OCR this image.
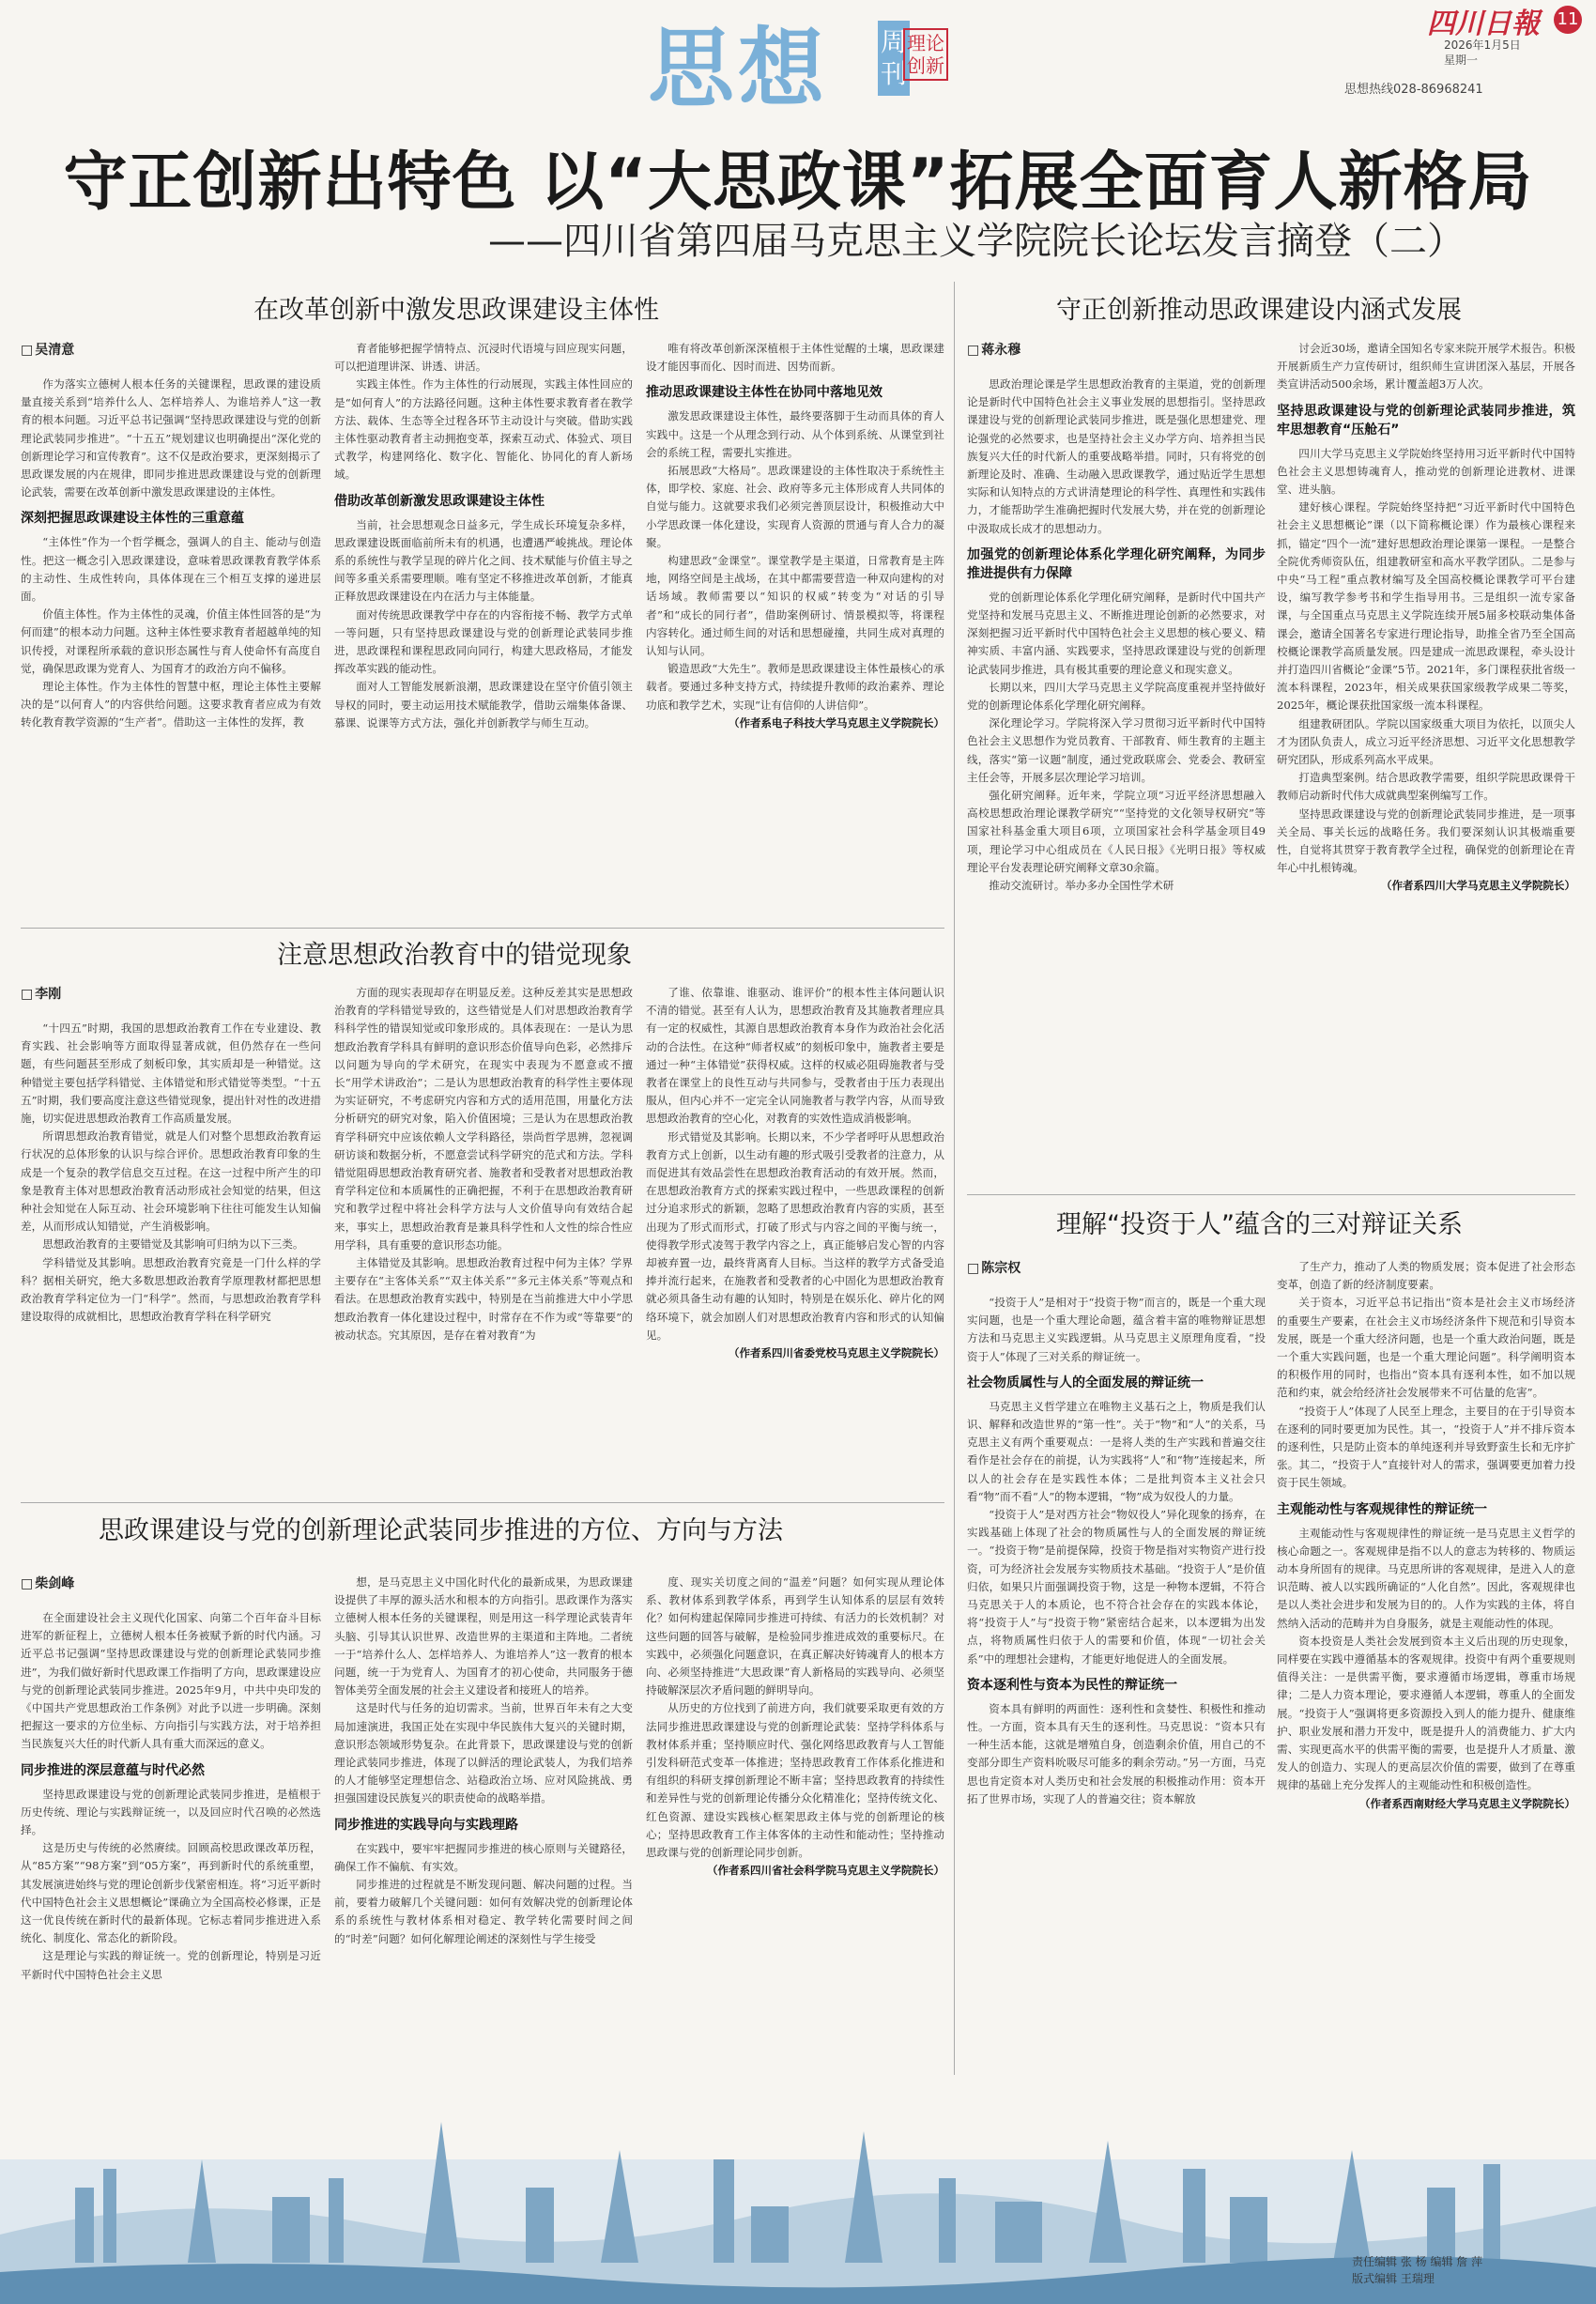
思想 周刊
理论创新
四川日報 11
2026年1月5日
星期一
思想热线028-86968241
守正创新出特色 以“大思政课”拓展全面育人新格局
——四川省第四届马克思主义学院院长论坛发言摘登（二）
在改革创新中激发思政课建设主体性
□ 吴清意

作为落实立德树人根本任务的关键课程，思政课的建设质量直接关系到“培养什么人、怎样培养人、为谁培养人”这一教育的根本问题。习近平总书记强调“坚持思政课建设与党的创新理论武装同步推进”。“十五五”规划建议也明确提出“深化党的创新理论学习和宣传教育”。这不仅是政治要求，更深刻揭示了思政课发展的内在规律，即同步推进思政课建设与党的创新理论武装，需要在改革创新中激发思政课建设的主体性。

深刻把握思政课建设主体性的三重意蕴

“主体性”作为一个哲学概念，强调人的自主、能动与创造性。把这一概念引入思政课建设，意味着思政课教育教学体系的主动性、生成性转向，具体体现在三个相互支撑的递进层面。

价值主体性。作为主体性的灵魂，价值主体性回答的是“为何而建”的根本动力问题。这种主体性要求教育者超越单纯的知识传授，对课程所承载的意识形态属性与育人使命怀有高度自觉，确保思政课为党育人、为国育才的政治方向不偏移。

理论主体性。作为主体性的智慧中枢，理论主体性主要解决的是“以何育人”的内容供给问题。这要求教育者应成为有效转化教育教学资源的“生产者”。借助这一主体性的发挥，教

育者能够把握学情特点、沉浸时代语境与回应现实问题，可以把道理讲深、讲透、讲活。

实践主体性。作为主体性的行动展现，实践主体性回应的是“如何育人”的方法路径问题。这种主体性要求教育者在教学方法、载体、生态等全过程各环节主动设计与突破。借助实践主体性驱动教育者主动拥抱变革，探索互动式、体验式、项目式教学，构建网络化、数字化、智能化、协同化的育人新场域。

借助改革创新激发思政课建设主体性

当前，社会思想观念日益多元，学生成长环境复杂多样，思政课建设既面临前所未有的机遇，也遭遇严峻挑战。理论体系的系统性与教学呈现的碎片化之间、技术赋能与价值主导之间等多重关系需要理顺。唯有坚定不移推进改革创新，才能真正释放思政课建设在内在活力与主体能量。

面对传统思政课教学中存在的内容衔接不畅、教学方式单一等问题，只有坚持思政课建设与党的创新理论武装同步推进，思政课程和课程思政同向同行，构建大思政格局，才能发挥改革实践的能动性。

面对人工智能发展新浪潮，思政课建设在坚守价值引领主导权的同时，要主动运用技术赋能教学，借助云端集体备课、慕课、说课等方式方法，强化并创新教学与师生互动。

唯有将改革创新深深植根于主体性觉醒的土壤，思政课建设才能因事而化、因时而进、因势而新。

推动思政课建设主体性在协同中落地见效

激发思政课建设主体性，最终要落脚于生动而具体的育人实践中。这是一个从理念到行动、从个体到系统、从课堂到社会的系统工程，需要扎实推进。

拓展思政“大格局”。思政课建设的主体性取决于系统性主体，即学校、家庭、社会、政府等多元主体形成育人共同体的自觉与能力。这就要求我们必须完善顶层设计，积极推动大中小学思政课一体化建设，实现育人资源的贯通与育人合力的凝聚。

构建思政“金课堂”。课堂教学是主渠道，日常教育是主阵地，网络空间是主战场，在其中都需要营造一种双向建构的对话场域。教师需要以“知识的权威”转变为“对话的引导者”和“成长的同行者”，借助案例研讨、情景模拟等，将课程内容转化。通过师生间的对话和思想碰撞，共同生成对真理的认知与认同。

锻造思政“大先生”。教师是思政课建设主体性最核心的承载者。要通过多种支持方式，持续提升教师的政治素养、理论功底和教学艺术，实现“让有信仰的人讲信仰”。

（作者系电子科技大学马克思主义学院院长）

注意思想政治教育中的错觉现象
□ 李刚

“十四五”时期，我国的思想政治教育工作在专业建设、教育实践、社会影响等方面取得显著成就，但仍然存在一些问题，有些问题甚至形成了刻板印象，其实质却是一种错觉。这种错觉主要包括学科错觉、主体错觉和形式错觉等类型。“十五五”时期，我们要高度注意这些错觉现象，提出针对性的改进措施，切实促进思想政治教育工作高质量发展。

所谓思想政治教育错觉，就是人们对整个思想政治教育运行状况的总体形象的认识与综合评价。思想政治教育印象的生成是一个复杂的教学信息交互过程。在这一过程中所产生的印象是教育主体对思想政治教育活动形成社会知觉的结果，但这种社会知觉在人际互动、社会环境影响下往往可能发生认知偏差，从而形成认知错觉，产生消极影响。

思想政治教育的主要错觉及其影响可归纳为以下三类。

学科错觉及其影响。思想政治教育究竟是一门什么样的学科？据相关研究，绝大多数思想政治教育学原理教材都把思想政治教育学科定位为一门“科学”。然而，与思想政治教育学科建设取得的成就相比，思想政治教育学科在科学研究

方面的现实表现却存在明显反差。这种反差其实是思想政治教育的学科错觉导致的，这些错觉是人们对思想政治教育学科科学性的错误知觉或印象形成的。具体表现在：一是认为思想政治教育学科具有鲜明的意识形态价值导向色彩，必然排斥以问题为导向的学术研究，在现实中表现为不愿意或不擅长“用学术讲政治”；二是认为思想政治教育的科学性主要体现为实证研究，不考虑研究内容和方式的适用范围，用量化方法分析研究的研究对象，陷入价值困境；三是认为在思想政治教育学科研究中应该依赖人文学科路径，崇尚哲学思辨，忽视调研访谈和数据分析，不愿意尝试科学研究的范式和方法。学科错觉阻碍思想政治教育研究者、施教者和受教者对思想政治教育学科定位和本质属性的正确把握，不利于在思想政治教育研究和教学过程中将社会科学方法与人文价值导向有效结合起来，事实上，思想政治教育是兼具科学性和人文性的综合性应用学科，具有重要的意识形态功能。

主体错觉及其影响。思想政治教育过程中何为主体？学界主要存在“主客体关系”“双主体关系”“多元主体关系”等观点和看法。在思想政治教育实践中，特别是在当前推进大中小学思想政治教育一体化建设过程中，时常存在不作为或“等靠要”的被动状态。究其原因，是存在着对教育“为

了谁、依靠谁、谁驱动、谁评价”的根本性主体问题认识不清的错觉。甚至有人认为，思想政治教育及其施教者理应具有一定的权威性，其源自思想政治教育本身作为政治社会化活动的合法性。在这种“师者权威”的刻板印象中，施教者主要是通过一种“主体错觉”获得权威。这样的权威必阻碍施教者与受教者在课堂上的良性互动与共同参与，受教者由于压力表现出服从，但内心并不一定完全认同施教者与教学内容，从而导致思想政治教育的空心化，对教育的实效性造成消极影响。

形式错觉及其影响。长期以来，不少学者呼吁从思想政治教育方式上创新，以生动有趣的形式吸引受教者的注意力，从而促进其有效品尝性在思想政治教育活动的有效开展。然而，在思想政治教育方式的探索实践过程中，一些思政课程的创新过分追求形式的新颖，忽略了思想政治教育内容的实质，甚至出现为了形式而形式，打破了形式与内容之间的平衡与统一，使得教学形式凌驾于教学内容之上，真正能够启发心智的内容却被弃置一边，最终背离育人目标。当这样的教学方式备受追捧并流行起来，在施教者和受教者的心中固化为思想政治教育就必须具备生动有趣的认知时，特别是在娱乐化、碎片化的网络环境下，就会加剧人们对思想政治教育内容和形式的认知偏见。

（作者系四川省委党校马克思主义学院院长）

思政课建设与党的创新理论武装同步推进的方位、方向与方法
□ 柴剑峰

在全面建设社会主义现代化国家、向第二个百年奋斗目标进军的新征程上，立德树人根本任务被赋予新的时代内涵。习近平总书记强调“坚持思政课建设与党的创新理论武装同步推进”，为我们做好新时代思政课工作指明了方向，思政课建设应与党的创新理论武装同步推进。2025年9月，中共中央印发的《中国共产党思想政治工作条例》对此予以进一步明确。深刻把握这一要求的方位坐标、方向指引与实践方法，对于培养担当民族复兴大任的时代新人具有重大而深远的意义。

同步推进的深层意蕴与时代必然

坚持思政课建设与党的创新理论武装同步推进，是植根于历史传统、理论与实践辩证统一，以及回应时代召唤的必然选择。

这是历史与传统的必然赓续。回顾高校思政课改革历程，从“85方案”“98方案”到“05方案”，再到新时代的系统重塑，其发展演进始终与党的理论创新步伐紧密相连。将“习近平新时代中国特色社会主义思想概论”课确立为全国高校必修课，正是这一优良传统在新时代的最新体现。它标志着同步推进进入系统化、制度化、常态化的新阶段。

这是理论与实践的辩证统一。党的创新理论，特别是习近平新时代中国特色社会主义思

想，是马克思主义中国化时代化的最新成果，为思政课建设提供了丰厚的源头活水和根本的方向指引。思政课作为落实立德树人根本任务的关键课程，则是用这一科学理论武装青年头脑、引导其认识世界、改造世界的主渠道和主阵地。二者统一于“培养什么人、怎样培养人、为谁培养人”这一教育的根本问题，统一于为党育人、为国育才的初心使命，共同服务于德智体美劳全面发展的社会主义建设者和接班人的培养。

这是时代与任务的迫切需求。当前，世界百年未有之大变局加速演进，我国正处在实现中华民族伟大复兴的关键时期，意识形态领域形势复杂。在此背景下，思政课建设与党的创新理论武装同步推进，体现了以鲜活的理论武装人，为我们培养的人才能够坚定理想信念、站稳政治立场、应对风险挑战、勇担强国建设民族复兴的职责使命的战略举措。

同步推进的实践导向与实践理路

在实践中，要牢牢把握同步推进的核心原则与关键路径，确保工作不偏航、有实效。

同步推进的过程就是不断发现问题、解决问题的过程。当前，要着力破解几个关键问题：如何有效解决党的创新理论体系的系统性与教材体系相对稳定、教学转化需要时间之间的“时差”问题？如何化解理论阐述的深刻性与学生接受

度、现实关切度之间的“温差”问题？如何实现从理论体系、教材体系到教学体系，再到学生认知体系的层层有效转化？如何构建起保障同步推进可持续、有活力的长效机制？对这些问题的回答与破解，是检验同步推进成效的重要标尺。在实践中，必须强化问题意识，在真正解决好铸魂育人的根本方向、必须坚持推进“大思政课”育人新格局的实践导向、必须坚持破解深层次矛盾问题的鲜明导向。

从历史的方位找到了前进方向，我们就要采取更有效的方法同步推进思政课建设与党的创新理论武装：坚持学科体系与教材体系并重；坚持顺应时代、强化网络思政教育与人工智能引发科研范式变革一体推进；坚持思政教育工作体系化推进和有组织的科研支撑创新理论不断丰富；坚持思政教育的持续性和差异性与党的创新理论传播分众化精准化；坚持传统文化、红色资源、建设实践核心框架思政主体与党的创新理论的核心；坚持思政教育工作主体客体的主动性和能动性；坚持推动思政课与党的创新理论同步创新。

（作者系四川省社会科学院马克思主义学院院长）

守正创新推动思政课建设内涵式发展
□ 蒋永穆

思政治理论课是学生思想政治教育的主渠道，党的创新理论是新时代中国特色社会主义事业发展的思想指引。坚持思政课建设与党的创新理论武装同步推进，既是强化思想建党、理论强党的必然要求，也是坚持社会主义办学方向、培养担当民族复兴大任的时代新人的重要战略举措。同时，只有将党的创新理论及时、准确、生动融入思政课教学，通过贴近学生思想实际和认知特点的方式讲清楚理论的科学性、真理性和实践伟力，才能帮助学生准确把握时代发展大势，并在党的创新理论中汲取成长成才的思想动力。

加强党的创新理论体系化学理化研究阐释，为同步推进提供有力保障

党的创新理论体系化学理化研究阐释，是新时代中国共产党坚持和发展马克思主义、不断推进理论创新的必然要求，对深刻把握习近平新时代中国特色社会主义思想的核心要义、精神实质、丰富内涵、实践要求，坚持思政课建设与党的创新理论武装同步推进，具有极其重要的理论意义和现实意义。

长期以来，四川大学马克思主义学院高度重视并坚持做好党的创新理论体系化学理化研究阐释。

深化理论学习。学院将深入学习贯彻习近平新时代中国特色社会主义思想作为党员教育、干部教育、师生教育的主题主线，落实“第一议题”制度，通过党政联席会、党委会、教研室主任会等，开展多层次理论学习培训。

强化研究阐释。近年来，学院立项“习近平经济思想融入高校思想政治理论课教学研究”“坚持党的文化领导权研究”等国家社科基金重大项目6项，立项国家社会科学基金项目49项，理论学习中心组成员在《人民日报》《光明日报》等权威理论平台发表理论研究阐释文章30余篇。

推动交流研讨。举办多办全国性学术研

讨会近30场，邀请全国知名专家来院开展学术报告。积极开展新质生产力宣传研讨，组织师生宣讲团深入基层，开展各类宣讲活动500余场，累计覆盖超3万人次。

坚持思政课建设与党的创新理论武装同步推进，筑牢思想教育“压舱石”

四川大学马克思主义学院始终坚持用习近平新时代中国特色社会主义思想铸魂育人，推动党的创新理论进教材、进课堂、进头脑。

建好核心课程。学院始终坚持把“习近平新时代中国特色社会主义思想概论”课（以下简称概论课）作为最核心课程来抓，锚定“四个一流”建好思想政治理论课第一课程。一是整合全院优秀师资队伍，组建教研室和高水平教学团队。二是参与中央“马工程”重点教材编写及全国高校概论课教学可平台建设，编写教学参考书和学生指导用书。三是组织一流专家备课，与全国重点马克思主义学院连续开展5届多校联动集体备课会，邀请全国著名专家进行理论指导，助推全省乃至全国高校概论课教学高质量发展。四是建成一流思政课程，牵头设计并打造四川省概论“金课”5节。2021年，多门课程获批省级一流本科课程，2023年，相关成果获国家级教学成果二等奖，2025年，概论课获批国家级一流本科课程。

组建教研团队。学院以国家级重大项目为依托，以顶尖人才为团队负责人，成立习近平经济思想、习近平文化思想教学研究团队，形成系列高水平成果。

打造典型案例。结合思政教学需要，组织学院思政课骨干教师启动新时代伟大成就典型案例编写工作。

坚持思政课建设与党的创新理论武装同步推进，是一项事关全局、事关长远的战略任务。我们要深刻认识其极端重要性，自觉将其贯穿于教育教学全过程，确保党的创新理论在青年心中扎根铸魂。

（作者系四川大学马克思主义学院院长）

理解“投资于人”蕴含的三对辩证关系
□ 陈宗权

“投资于人”是相对于“投资于物”而言的，既是一个重大现实问题，也是一个重大理论命题，蕴含着丰富的唯物辩证思想方法和马克思主义实践逻辑。从马克思主义原理角度看，“投资于人”体现了三对关系的辩证统一。

社会物质属性与人的全面发展的辩证统一

马克思主义哲学建立在唯物主义基石之上，物质是我们认识、解释和改造世界的“第一性”。关于“物”和“人”的关系，马克思主义有两个重要观点：一是将人类的生产实践和普遍交往看作是社会存在的前提，认为实践将“人”和“物”连接起来，所以人的社会存在是实践性本体；二是批判资本主义社会只看“物”而不看“人”的物本逻辑，“物”成为奴役人的力量。

“投资于人”是对西方社会“物奴役人”异化现象的扬弃，在实践基础上体现了社会的物质属性与人的全面发展的辩证统一。“投资于物”是前提保障，投资于物是指对实物资产进行投资，可为经济社会发展夯实物质技术基础。“投资于人”是价值归依，如果只片面强调投资于物，这是一种物本逻辑，不符合马克思关于人的本质论，也不符合社会存在的实践本体论，将“投资于人”与“投资于物”紧密结合起来，以本逻辑为出发点，将物质属性归依于人的需要和价值，体现“一切社会关系”中的理想社会建构，才能更好地促进人的全面发展。

资本逐利性与资本为民性的辩证统一

资本具有鲜明的两面性：逐利性和贪婪性、积极性和推动性。一方面，资本具有天生的逐利性。马克思说：“资本只有一种生活本能，这就是增殖自身，创造剩余价值，用自己的不变部分即生产资料吮吸尽可能多的剩余劳动。”另一方面，马克思也肯定资本对人类历史和社会发展的积极推动作用：资本开拓了世界市场，实现了人的普遍交往；资本解放

了生产力，推动了人类的物质发展；资本促进了社会形态变革，创造了新的经济制度要素。

关于资本，习近平总书记指出“资本是社会主义市场经济的重要生产要素，在社会主义市场经济条件下规范和引导资本发展，既是一个重大经济问题，也是一个重大政治问题，既是一个重大实践问题，也是一个重大理论问题”。科学阐明资本的积极作用的同时，也指出“资本具有逐利本性，如不加以规范和约束，就会给经济社会发展带来不可估量的危害”。

“投资于人”体现了人民至上理念，主要目的在于引导资本在逐利的同时要更加为民性。其一，“投资于人”并不排斥资本的逐利性，只是防止资本的单纯逐利并导致野蛮生长和无序扩张。其二，“投资于人”直接针对人的需求，强调要更加着力投资于民生领域。

主观能动性与客观规律性的辩证统一

主观能动性与客观规律性的辩证统一是马克思主义哲学的核心命题之一。客观规律是指不以人的意志为转移的、物质运动本身所固有的规律。马克思所讲的客观规律，是进入人的意识范畴、被人以实践所确证的“人化自然”。因此，客观规律也是以人类社会进步和发展为目的的。人作为实践的主体，将自然纳入活动的范畴并为自身服务，就是主观能动性的体现。

资本投资是人类社会发展到资本主义后出现的历史现象，同样要在实践中遵循基本的客观规律。投资中有两个重要规则值得关注：一是供需平衡，要求遵循市场逻辑，尊重市场规律；二是人力资本理论，要求遵循人本逻辑，尊重人的全面发展。“投资于人”强调将更多资源投入到人的能力提升、健康维护、职业发展和潜力开发中，既是提升人的消费能力、扩大内需、实现更高水平的供需平衡的需要，也是提升人才质量、激发人的创造力、实现人的更高层次价值的需要，做到了在尊重规律的基础上充分发挥人的主观能动性和积极创造性。

（作者系西南财经大学马克思主义学院院长）

责任编辑 张 杨 编辑 詹 萍
版式编辑 王瑞理
